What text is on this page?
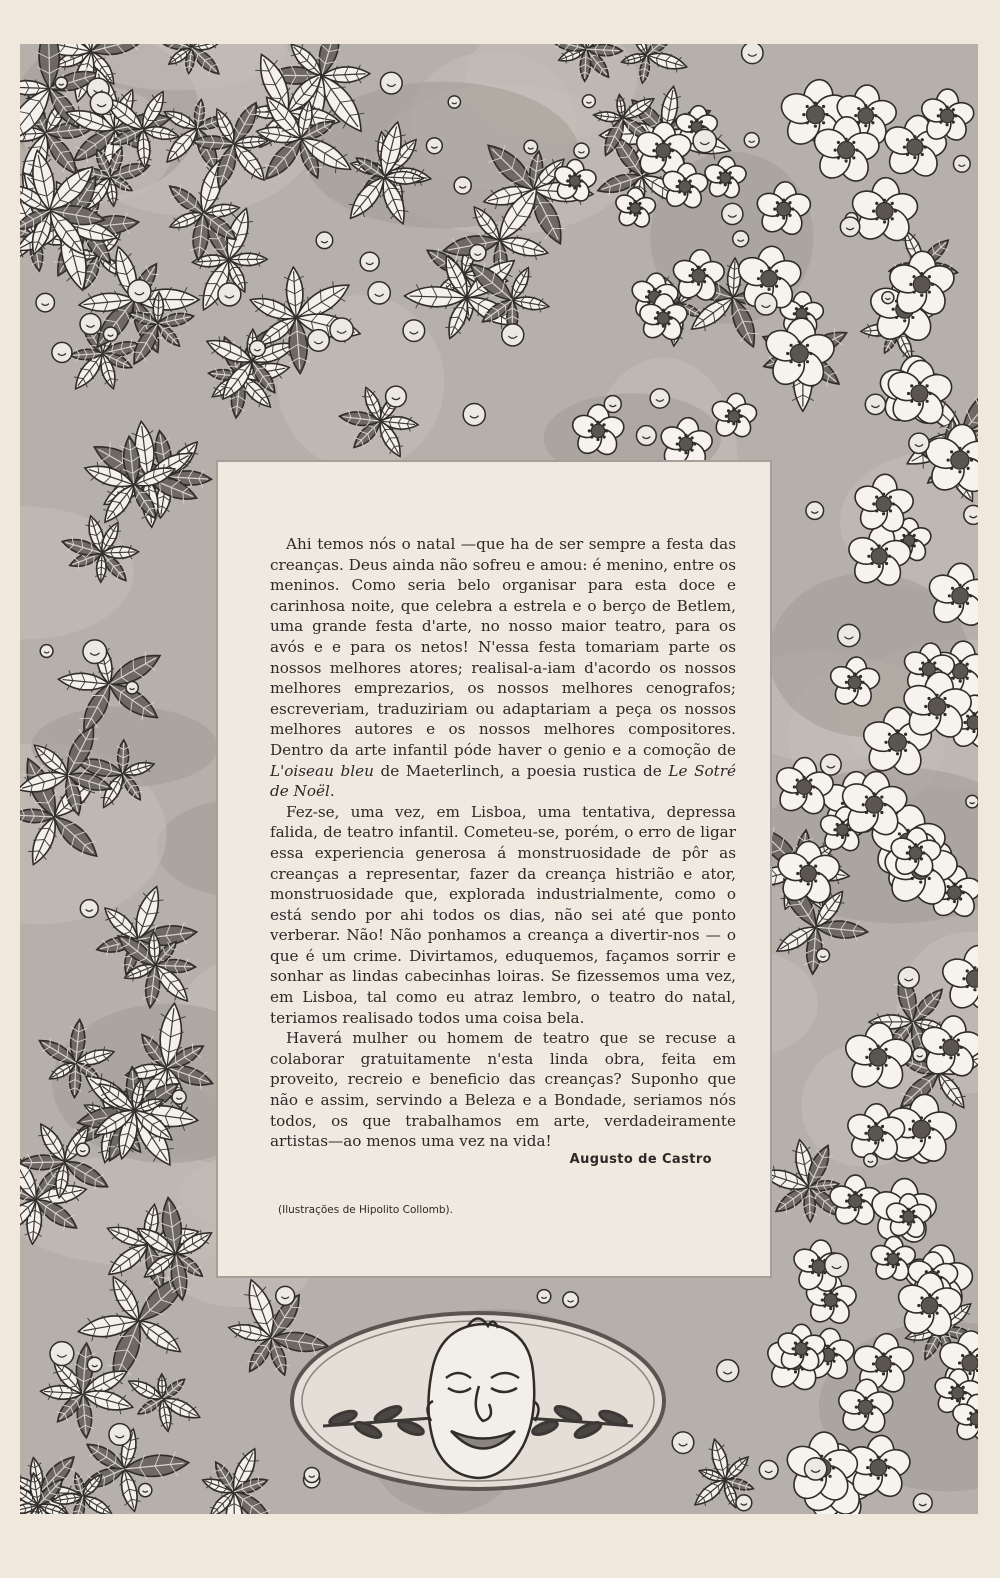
Ahi temos nós o natal —que ha de ser sempre a festa das creanças. Deus ainda não sofreu e amou: é menino, entre os meninos. Como seria belo organisar para esta doce e carinhosa noite, que celebra a estrela e o berço de Betlem, uma grande festa d'arte, no nosso maior teatro, para os avós e e para os netos! N'essa festa tomariam parte os nossos melhores atores; realisal-a-iam d'acordo os nossos melhores emprezarios, os nossos melhores cenografos; escreveriam, traduziriam ou adaptariam a peça os nossos melhores autores e os nossos melhores compositores. Dentro da arte infantil póde haver o genio e a comoção de L'oiseau bleu de Maeterlinch, a poesia rustica de Le Sotré de Noël.

Fez-se, uma vez, em Lisboa, uma tentativa, depressa falida, de teatro infantil. Cometeu-se, porém, o erro de ligar essa experiencia generosa á monstruosidade de pôr as creanças a representar, fazer da creança histrião e ator, monstruosidade que, explorada industrialmente, como o está sendo por ahi todos os dias, não sei até que ponto verberar. Não! Não ponhamos a creança a divertir-nos — o que é um crime. Divirtamos, eduquemos, façamos sorrir e sonhar as lindas cabecinhas loiras. Se fizessemos uma vez, em Lisboa, tal como eu atraz lembro, o teatro do natal, teriamos realisado todos uma coisa bela.

Haverá mulher ou homem de teatro que se recuse a colaborar gratuitamente n'esta linda obra, feita em proveito, recreio e beneficio das creanças? Suponho que não e assim, servindo a Beleza e a Bondade, seriamos nós todos, os que trabalhamos em arte, verdadeiramente artistas—ao menos uma vez na vida!

Augusto de Castro
(Ilustrações de Hipolito Collomb).
